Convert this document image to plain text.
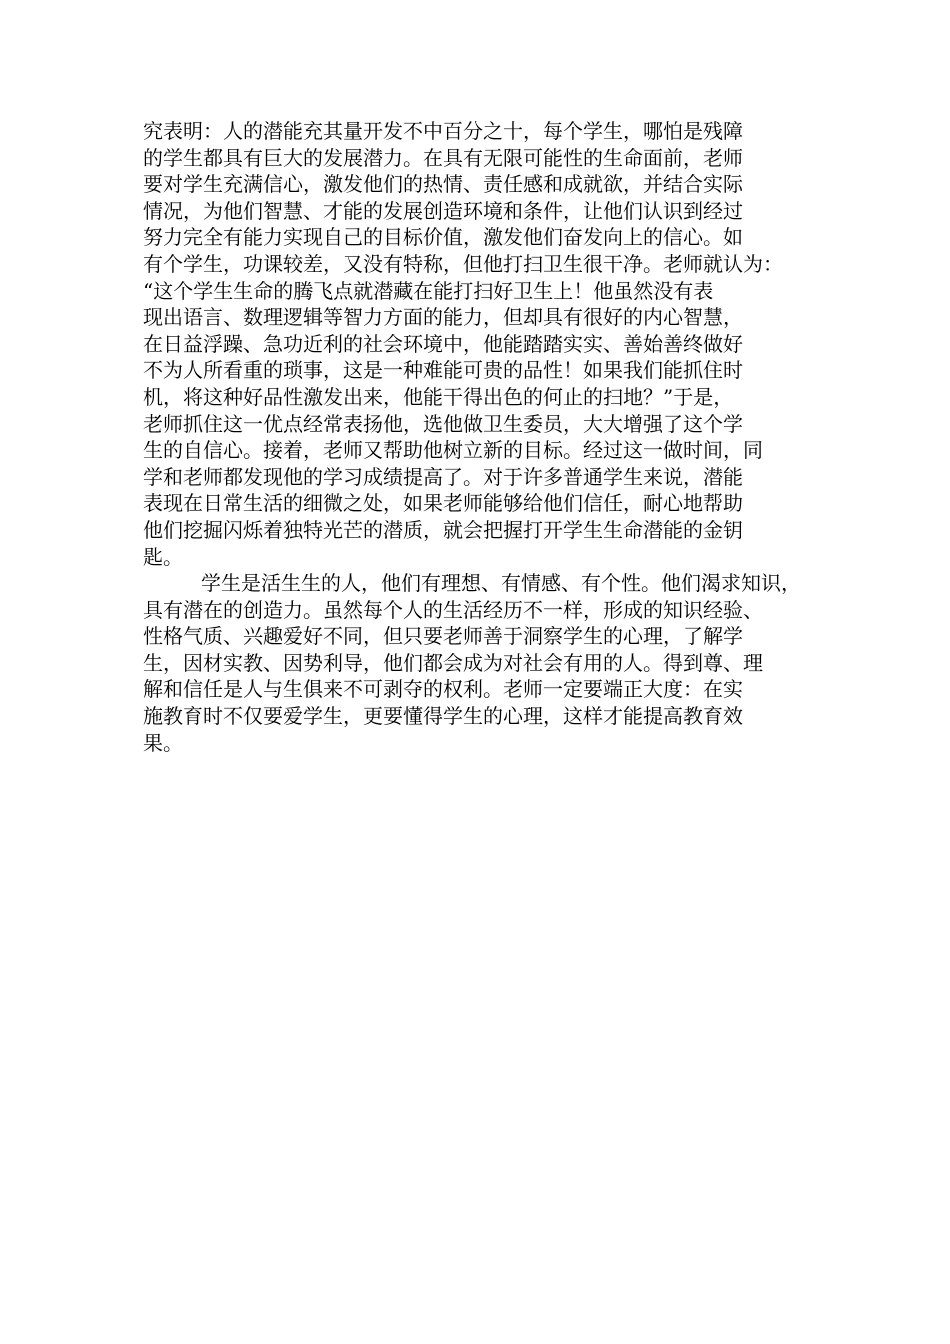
究表明：人的潜能充其量开发不中百分之十，每个学生，哪怕是残障
的学生都具有巨大的发展潜力。在具有无限可能性的生命面前，老师
要对学生充满信心，激发他们的热情、责任感和成就欲，并结合实际
情况，为他们智慧、才能的发展创造环境和条件，让他们认识到经过
努力完全有能力实现自己的目标价值，激发他们奋发向上的信心。如
有个学生，功课较差，又没有特称，但他打扫卫生很干净。老师就认为：
“这个学生生命的腾飞点就潜藏在能打扫好卫生上！他虽然没有表
现出语言、数理逻辑等智力方面的能力，但却具有很好的内心智慧，
在日益浮躁、急功近利的社会环境中，他能踏踏实实、善始善终做好
不为人所看重的琐事，这是一种难能可贵的品性！如果我们能抓住时
机，将这种好品性激发出来，他能干得出色的何止的扫地？”于是，
老师抓住这一优点经常表扬他，选他做卫生委员，大大增强了这个学
生的自信心。接着，老师又帮助他树立新的目标。经过这一做时间，同
学和老师都发现他的学习成绩提高了。对于许多普通学生来说，潜能
表现在日常生活的细微之处，如果老师能够给他们信任，耐心地帮助
他们挖掘闪烁着独特光芒的潜质，就会把握打开学生生命潜能的金钥
匙。
学生是活生生的人，他们有理想、有情感、有个性。他们渴求知识，
具有潜在的创造力。虽然每个人的生活经历不一样，形成的知识经验、
性格气质、兴趣爱好不同，但只要老师善于洞察学生的心理，了解学
生，因材实教、因势利导，他们都会成为对社会有用的人。得到尊、理
解和信任是人与生俱来不可剥夺的权利。老师一定要端正大度：在实
施教育时不仅要爱学生，更要懂得学生的心理，这样才能提高教育效
果。
